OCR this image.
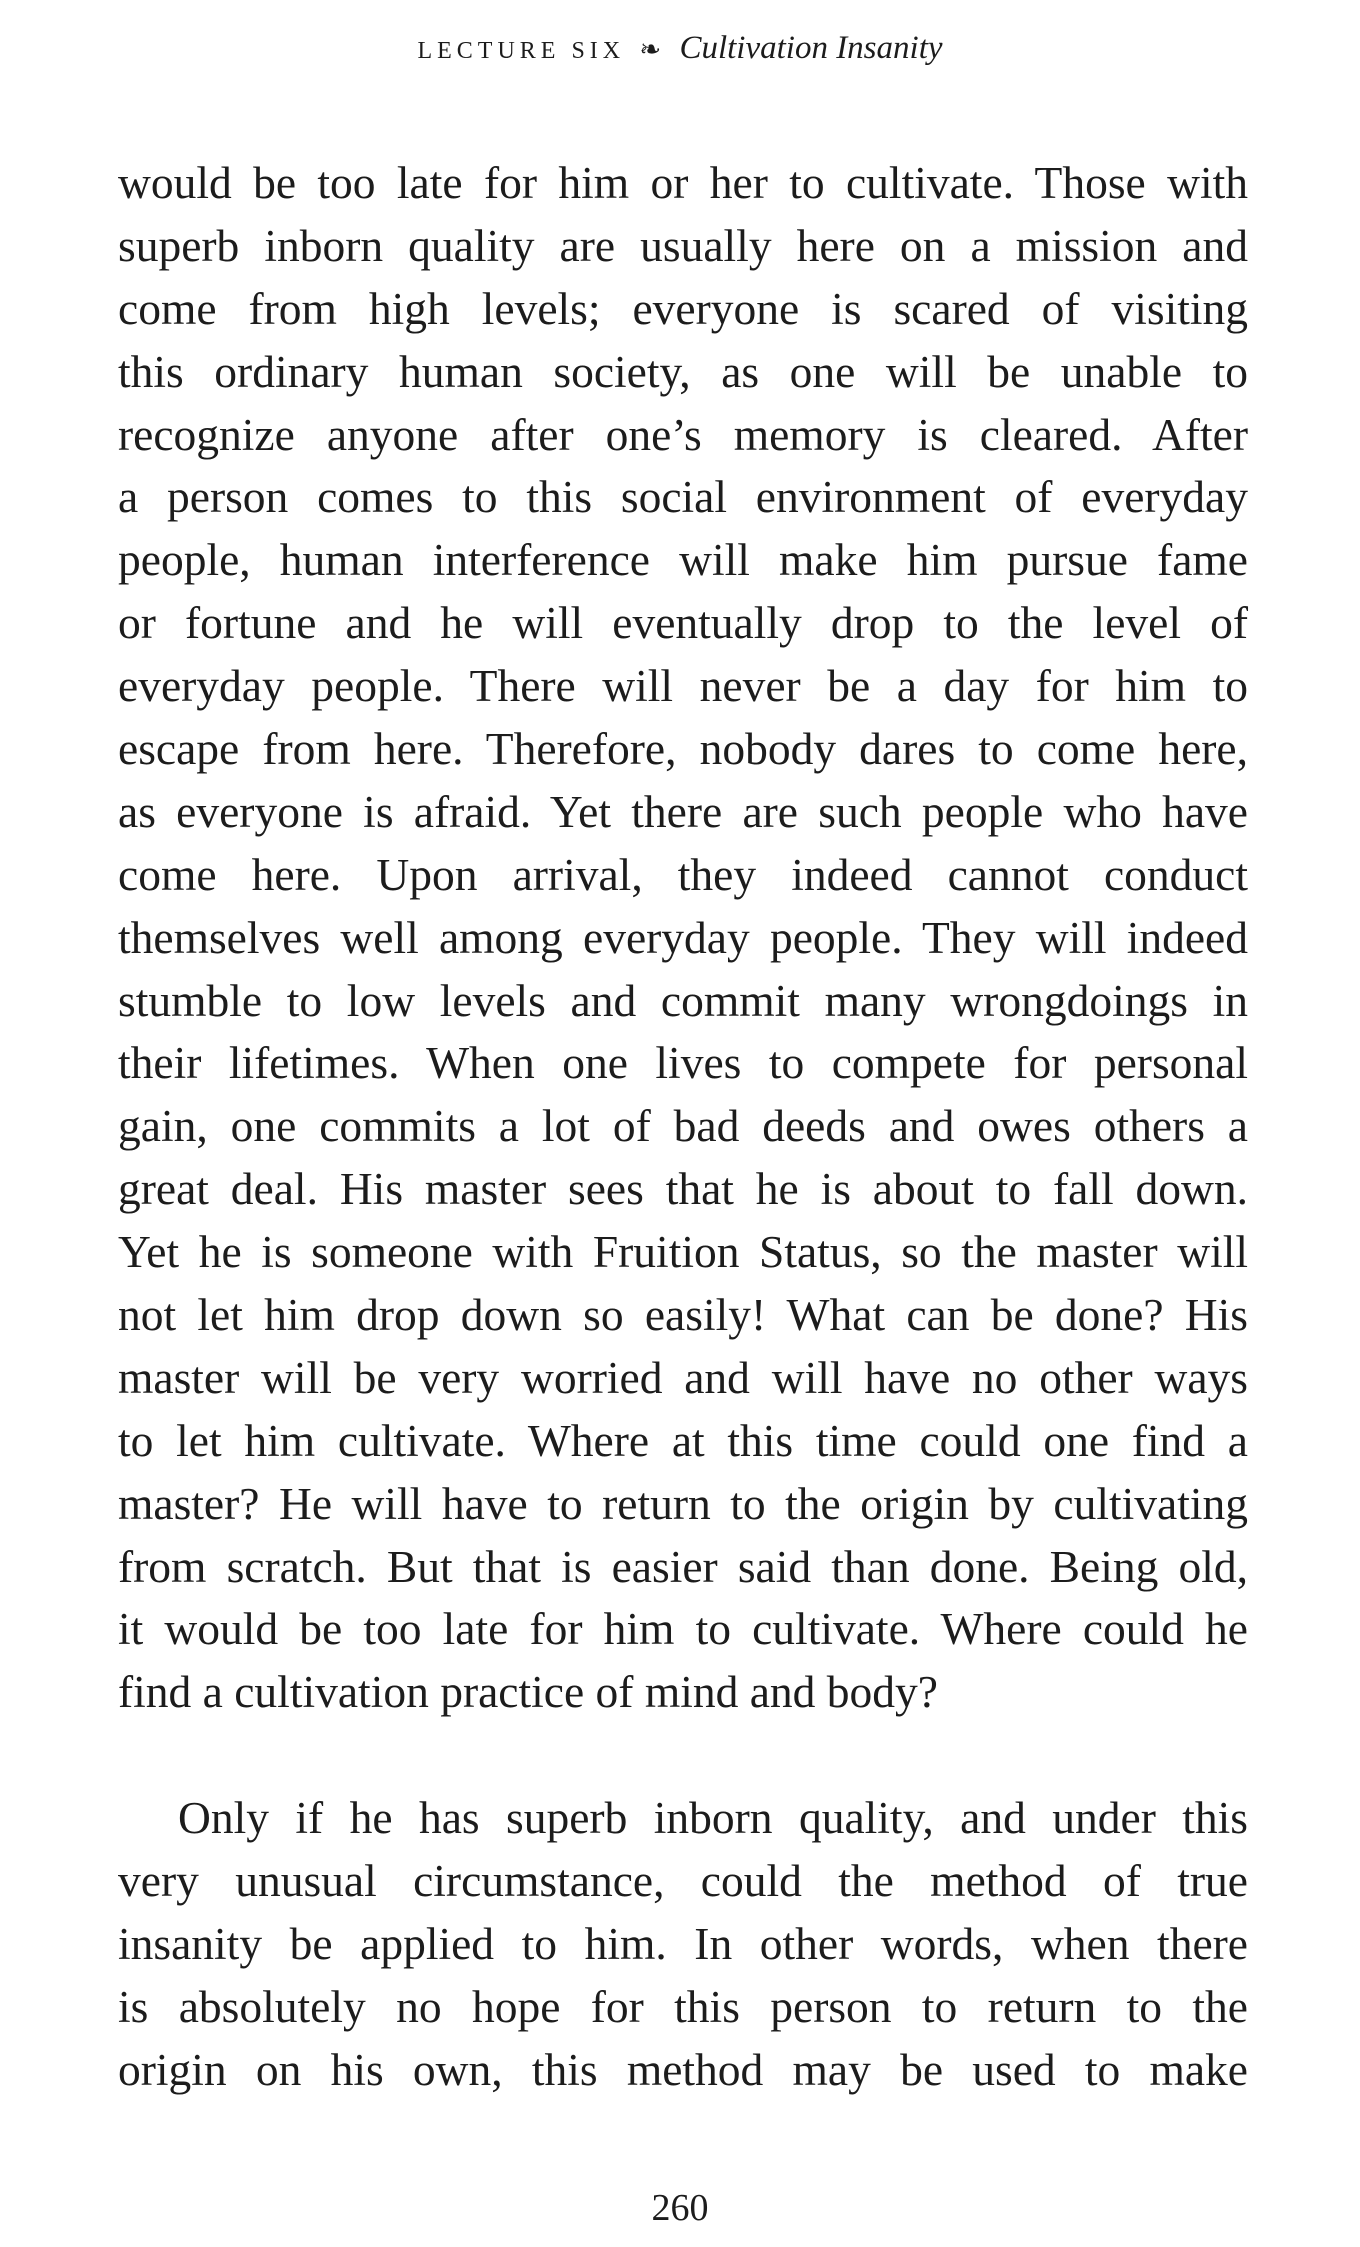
LECTURE SIX ❧ Cultivation Insanity
would be too late for him or her to cultivate. Those with
superb inborn quality are usually here on a mission and
come from high levels; everyone is scared of visiting
this ordinary human society, as one will be unable to
recognize anyone after one’s memory is cleared. After
a person comes to this social environment of everyday
people, human interference will make him pursue fame
or fortune and he will eventually drop to the level of
everyday people. There will never be a day for him to
escape from here. Therefore, nobody dares to come here,
as everyone is afraid. Yet there are such people who have
come here. Upon arrival, they indeed cannot conduct
themselves well among everyday people. They will indeed
stumble to low levels and commit many wrongdoings in
their lifetimes. When one lives to compete for personal
gain, one commits a lot of bad deeds and owes others a
great deal. His master sees that he is about to fall down.
Yet he is someone with Fruition Status, so the master will
not let him drop down so easily! What can be done? His
master will be very worried and will have no other ways
to let him cultivate. Where at this time could one find a
master? He will have to return to the origin by cultivating
from scratch. But that is easier said than done. Being old,
it would be too late for him to cultivate. Where could he
find a cultivation practice of mind and body?
Only if he has superb inborn quality, and under this
very unusual circumstance, could the method of true
insanity be applied to him. In other words, when there
is absolutely no hope for this person to return to the
origin on his own, this method may be used to make
260
